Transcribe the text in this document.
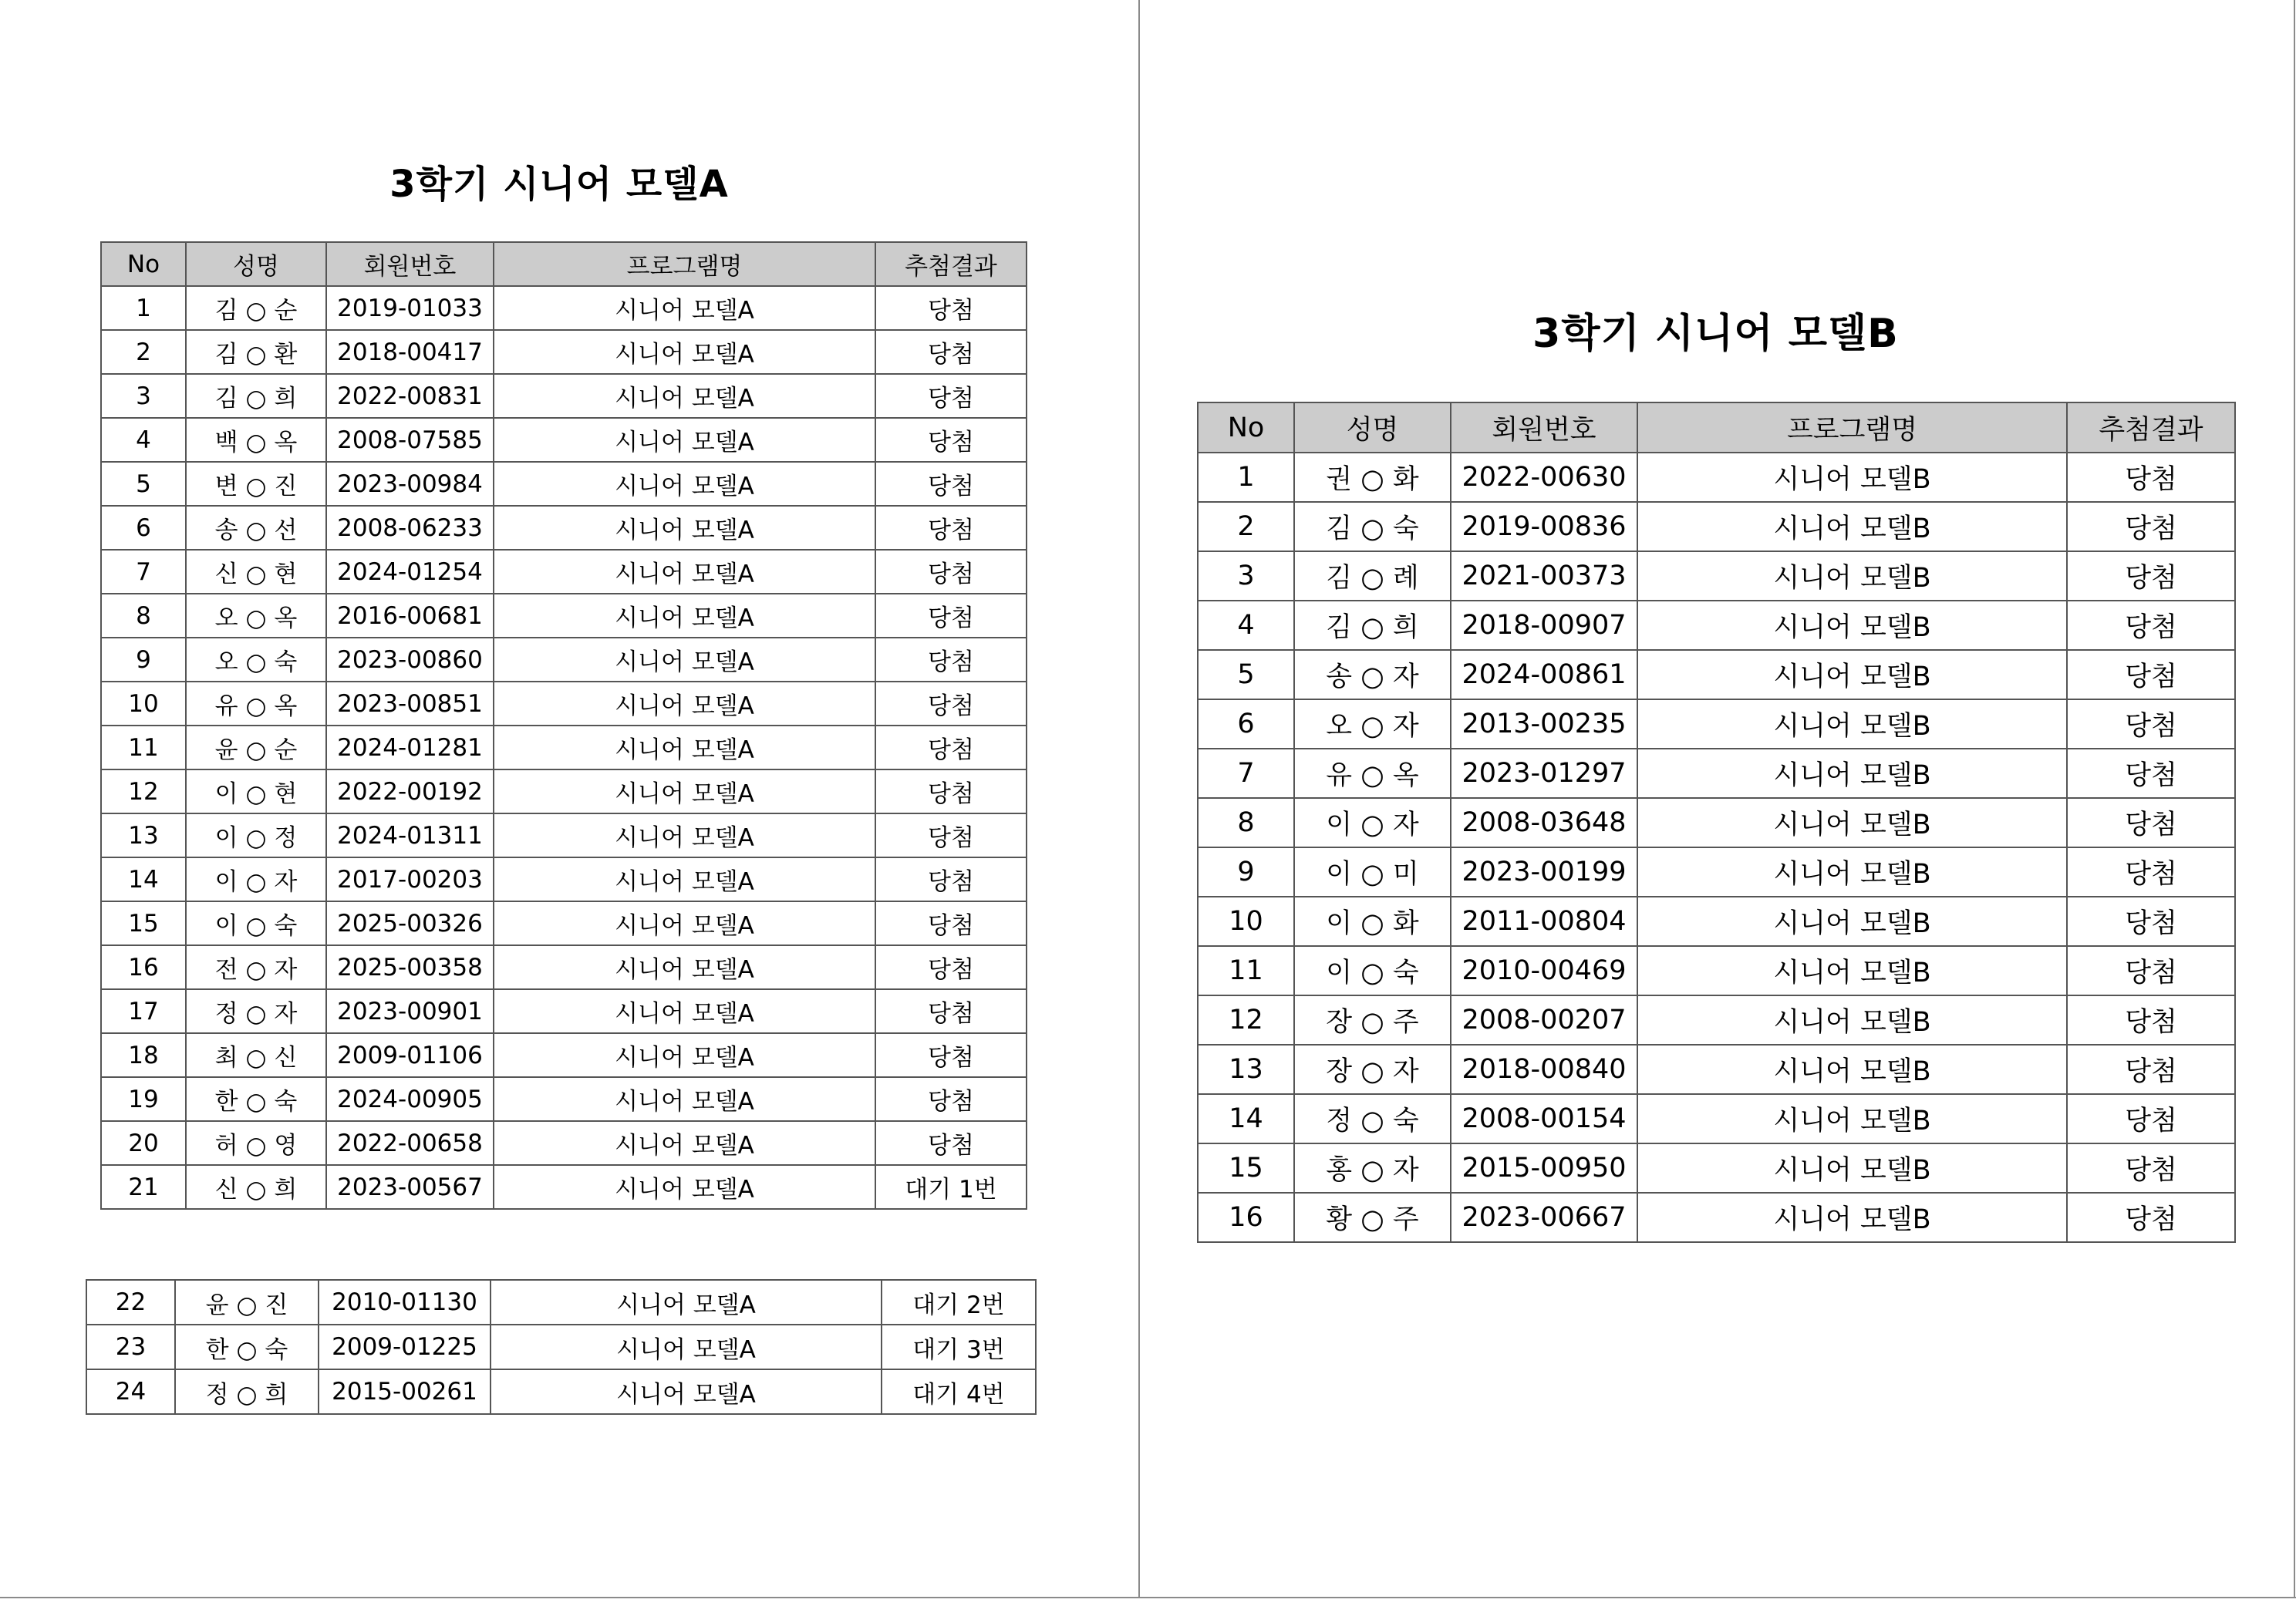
3학기 시니어 모델A
No	성명	회원번호	프로그램명	추첨결과
1	김 ○ 순	2019-01033	시니어 모델A	당첨
2	김 ○ 환	2018-00417	시니어 모델A	당첨
3	김 ○ 희	2022-00831	시니어 모델A	당첨
4	백 ○ 옥	2008-07585	시니어 모델A	당첨
5	변 ○ 진	2023-00984	시니어 모델A	당첨
6	송 ○ 선	2008-06233	시니어 모델A	당첨
7	신 ○ 현	2024-01254	시니어 모델A	당첨
8	오 ○ 옥	2016-00681	시니어 모델A	당첨
9	오 ○ 숙	2023-00860	시니어 모델A	당첨
10	유 ○ 옥	2023-00851	시니어 모델A	당첨
11	윤 ○ 순	2024-01281	시니어 모델A	당첨
12	이 ○ 현	2022-00192	시니어 모델A	당첨
13	이 ○ 정	2024-01311	시니어 모델A	당첨
14	이 ○ 자	2017-00203	시니어 모델A	당첨
15	이 ○ 숙	2025-00326	시니어 모델A	당첨
16	전 ○ 자	2025-00358	시니어 모델A	당첨
17	정 ○ 자	2023-00901	시니어 모델A	당첨
18	최 ○ 신	2009-01106	시니어 모델A	당첨
19	한 ○ 숙	2024-00905	시니어 모델A	당첨
20	허 ○ 영	2022-00658	시니어 모델A	당첨
21	신 ○ 희	2023-00567	시니어 모델A	대기 1번
22	윤 ○ 진	2010-01130	시니어 모델A	대기 2번
23	한 ○ 숙	2009-01225	시니어 모델A	대기 3번
24	정 ○ 희	2015-00261	시니어 모델A	대기 4번
3학기 시니어 모델B
No	성명	회원번호	프로그램명	추첨결과
1	권 ○ 화	2022-00630	시니어 모델B	당첨
2	김 ○ 숙	2019-00836	시니어 모델B	당첨
3	김 ○ 례	2021-00373	시니어 모델B	당첨
4	김 ○ 희	2018-00907	시니어 모델B	당첨
5	송 ○ 자	2024-00861	시니어 모델B	당첨
6	오 ○ 자	2013-00235	시니어 모델B	당첨
7	유 ○ 옥	2023-01297	시니어 모델B	당첨
8	이 ○ 자	2008-03648	시니어 모델B	당첨
9	이 ○ 미	2023-00199	시니어 모델B	당첨
10	이 ○ 화	2011-00804	시니어 모델B	당첨
11	이 ○ 숙	2010-00469	시니어 모델B	당첨
12	장 ○ 주	2008-00207	시니어 모델B	당첨
13	장 ○ 자	2018-00840	시니어 모델B	당첨
14	정 ○ 숙	2008-00154	시니어 모델B	당첨
15	홍 ○ 자	2015-00950	시니어 모델B	당첨
16	황 ○ 주	2023-00667	시니어 모델B	당첨
